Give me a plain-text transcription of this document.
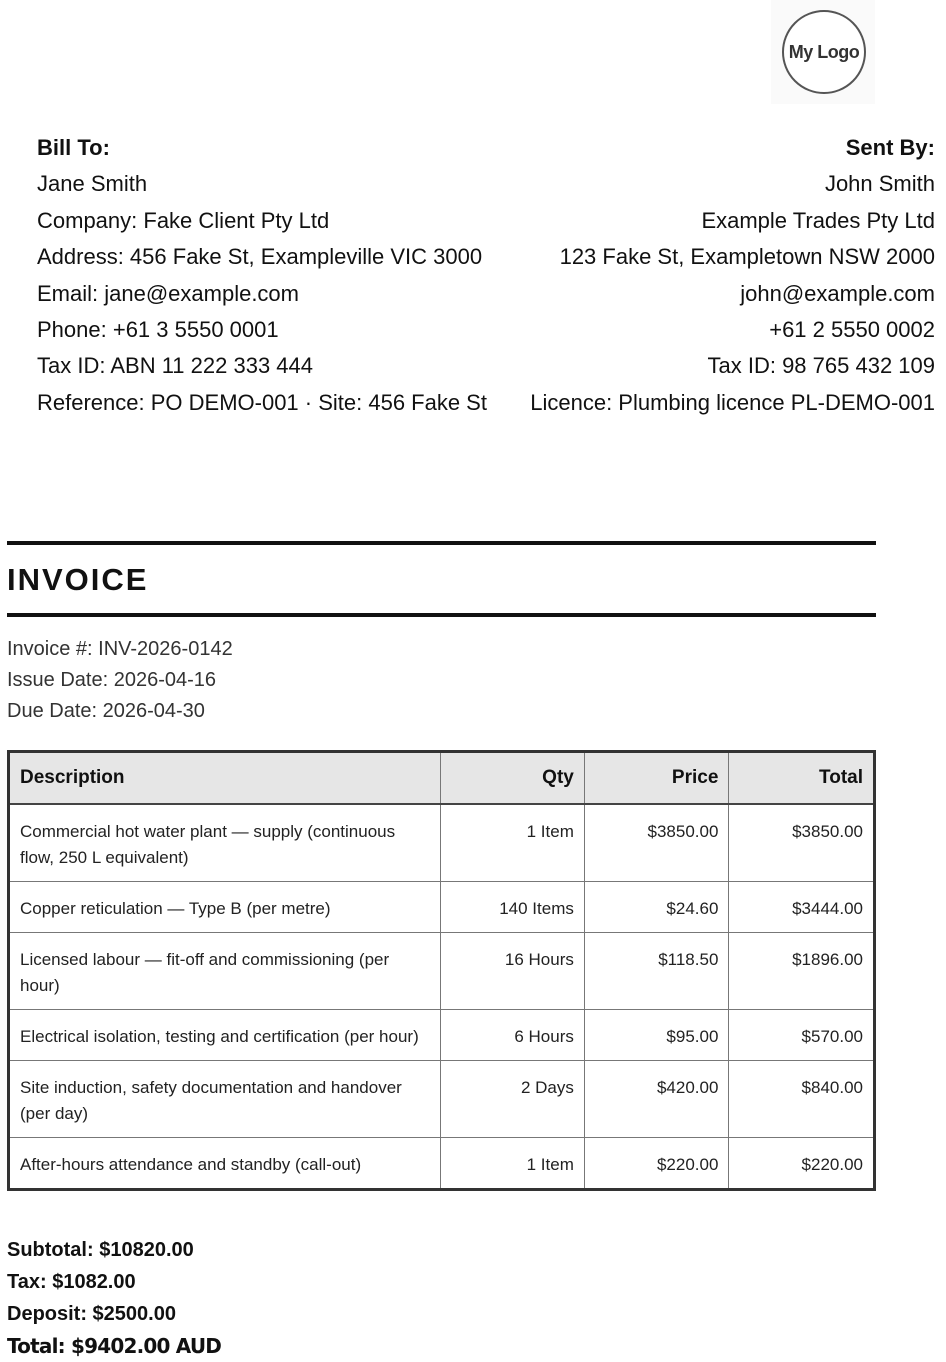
My Logo
Bill To:
Jane Smith
Company: Fake Client Pty Ltd
Address: 456 Fake St, Exampleville VIC 3000
Email: jane@example.com
Phone: +61 3 5550 0001
Tax ID: ABN 11 222 333 444
Reference: PO DEMO-001 · Site: 456 Fake St
Sent By:
John Smith
Example Trades Pty Ltd
123 Fake St, Exampletown NSW 2000
john@example.com
+61 2 5550 0002
Tax ID: 98 765 432 109
Licence: Plumbing licence PL-DEMO-001
INVOICE
Invoice #: INV-2026-0142
Issue Date: 2026-04-16
Due Date: 2026-04-30
Description	Qty	Price	Total
Commercial hot water plant — supply (continuous flow, 250 L equivalent)	1 Item	$3850.00	$3850.00
Copper reticulation — Type B (per metre)	140 Items	$24.60	$3444.00
Licensed labour — fit-off and commissioning (per hour)	16 Hours	$118.50	$1896.00
Electrical isolation, testing and certification (per hour)	6 Hours	$95.00	$570.00
Site induction, safety documentation and handover (per day)	2 Days	$420.00	$840.00
After-hours attendance and standby (call-out)	1 Item	$220.00	$220.00
Subtotal: $10820.00
Tax: $1082.00
Deposit: $2500.00
Total: $9402.00 AUD
